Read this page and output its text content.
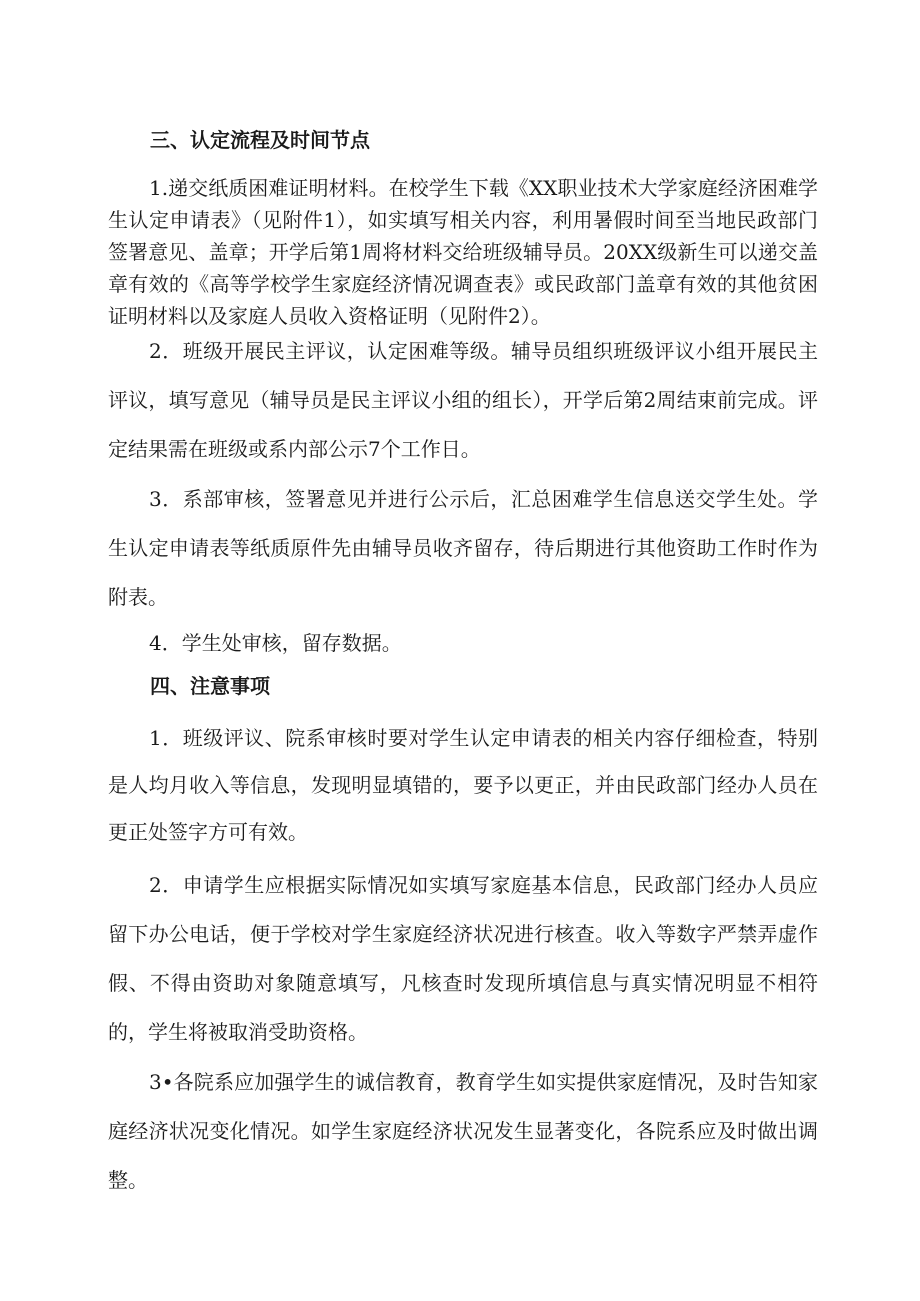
三、认定流程及时间节点

1.递交纸质困难证明材料。在校学生下载《XX职业技术大学家庭经济困难学生认定申请表》（见附件1），如实填写相关内容，利用暑假时间至当地民政部门签署意见、盖章；开学后第1周将材料交给班级辅导员。20XX级新生可以递交盖章有效的《高等学校学生家庭经济情况调查表》或民政部门盖章有效的其他贫困证明材料以及家庭人员收入资格证明（见附件2）。

2．班级开展民主评议，认定困难等级。辅导员组织班级评议小组开展民主评议，填写意见（辅导员是民主评议小组的组长），开学后第2周结束前完成。评定结果需在班级或系内部公示7个工作日。

3．系部审核，签署意见并进行公示后，汇总困难学生信息送交学生处。学生认定申请表等纸质原件先由辅导员收齐留存，待后期进行其他资助工作时作为附表。

4．学生处审核，留存数据。

四、注意事项

1．班级评议、院系审核时要对学生认定申请表的相关内容仔细检查，特别是人均月收入等信息，发现明显填错的，要予以更正，并由民政部门经办人员在更正处签字方可有效。

2．申请学生应根据实际情况如实填写家庭基本信息，民政部门经办人员应留下办公电话，便于学校对学生家庭经济状况进行核查。收入等数字严禁弄虚作假、不得由资助对象随意填写，凡核查时发现所填信息与真实情况明显不相符的，学生将被取消受助资格。

3•各院系应加强学生的诚信教育，教育学生如实提供家庭情况，及时告知家庭经济状况变化情况。如学生家庭经济状况发生显著变化，各院系应及时做出调整。
